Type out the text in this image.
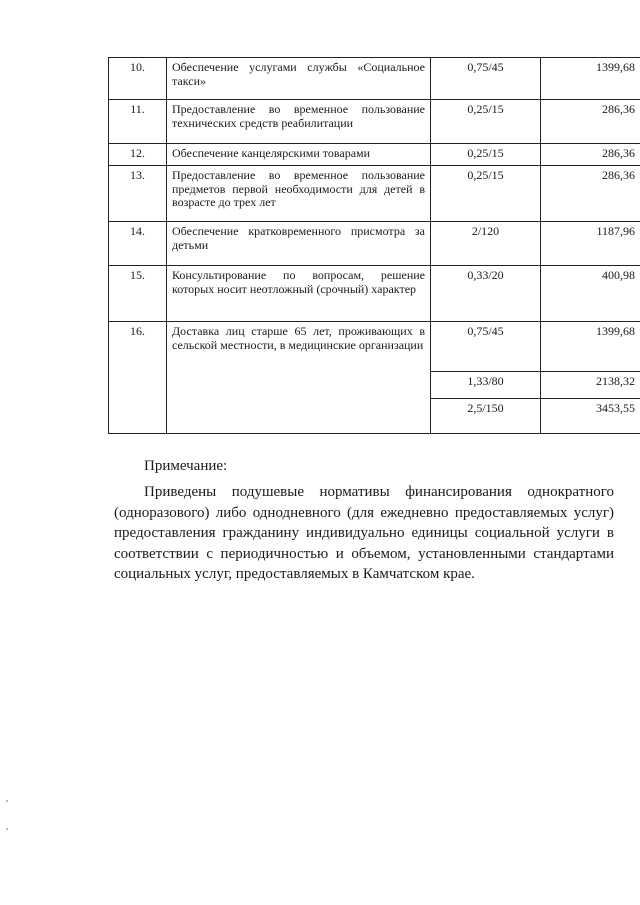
10.	Обеспечение услугами службы «Социальное такси»	0,75/45	1399,68
11.	Предоставление во временное пользование технических средств реабилитации	0,25/15	286,36
12.	Обеспечение канцелярскими товарами	0,25/15	286,36
13.	Предоставление во временное пользование предметов первой необходимости для детей в возрасте до трех лет	0,25/15	286,36
14.	Обеспечение кратковременного присмотра за детьми	2/120	1187,96
15.	Консультирование по вопросам, решение которых носит неотложный (срочный) характер	0,33/20	400,98
16.	Доставка лиц старше 65 лет, проживающих в сельской местности, в медицинские организации	0,75/45	1399,68
		1,33/80	2138,32
		2,5/150	3453,55
Примечание:

Приведены подушевые нормативы финансирования однократного (одноразового) либо однодневного (для ежедневно предоставляемых услуг) предоставления гражданину индивидуально единицы социальной услуги в соответствии с периодичностью и объемом, установленными стандартами социальных услуг, предоставляемых в Камчатском крае.
